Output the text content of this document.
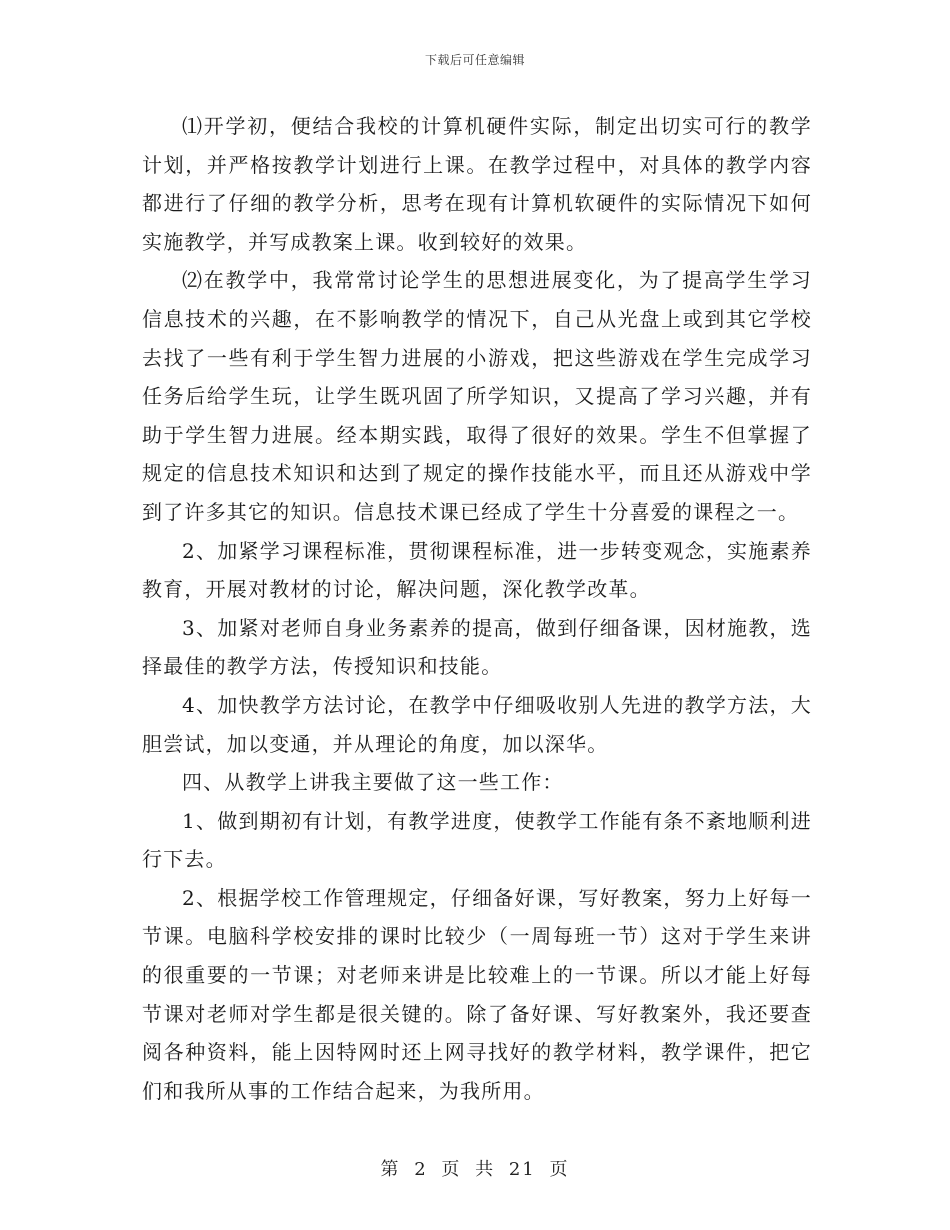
下载后可任意编辑

⑴开学初，便结合我校的计算机硬件实际，制定出切实可行的教学计划，并严格按教学计划进行上课。在教学过程中，对具体的教学内容都进行了仔细的教学分析，思考在现有计算机软硬件的实际情况下如何实施教学，并写成教案上课。收到较好的效果。

⑵在教学中，我常常讨论学生的思想进展变化，为了提高学生学习信息技术的兴趣，在不影响教学的情况下，自己从光盘上或到其它学校去找了一些有利于学生智力进展的小游戏，把这些游戏在学生完成学习任务后给学生玩，让学生既巩固了所学知识，又提高了学习兴趣，并有助于学生智力进展。经本期实践，取得了很好的效果。学生不但掌握了规定的信息技术知识和达到了规定的操作技能水平，而且还从游戏中学到了许多其它的知识。信息技术课已经成了学生十分喜爱的课程之一。

2、加紧学习课程标准，贯彻课程标准，进一步转变观念，实施素养教育，开展对教材的讨论，解决问题，深化教学改革。

3、加紧对老师自身业务素养的提高，做到仔细备课，因材施教，选择最佳的教学方法，传授知识和技能。

4、加快教学方法讨论，在教学中仔细吸收别人先进的教学方法，大胆尝试，加以变通，并从理论的角度，加以深华。

四、从教学上讲我主要做了这一些工作：

1、做到期初有计划，有教学进度，使教学工作能有条不紊地顺利进行下去。

2、根据学校工作管理规定，仔细备好课，写好教案，努力上好每一节课。电脑科学校安排的课时比较少（一周每班一节）这对于学生来讲的很重要的一节课；对老师来讲是比较难上的一节课。所以才能上好每节课对老师对学生都是很关键的。除了备好课、写好教案外，我还要查阅各种资料，能上因特网时还上网寻找好的教学材料，教学课件，把它们和我所从事的工作结合起来，为我所用。

第 2 页 共 21 页
